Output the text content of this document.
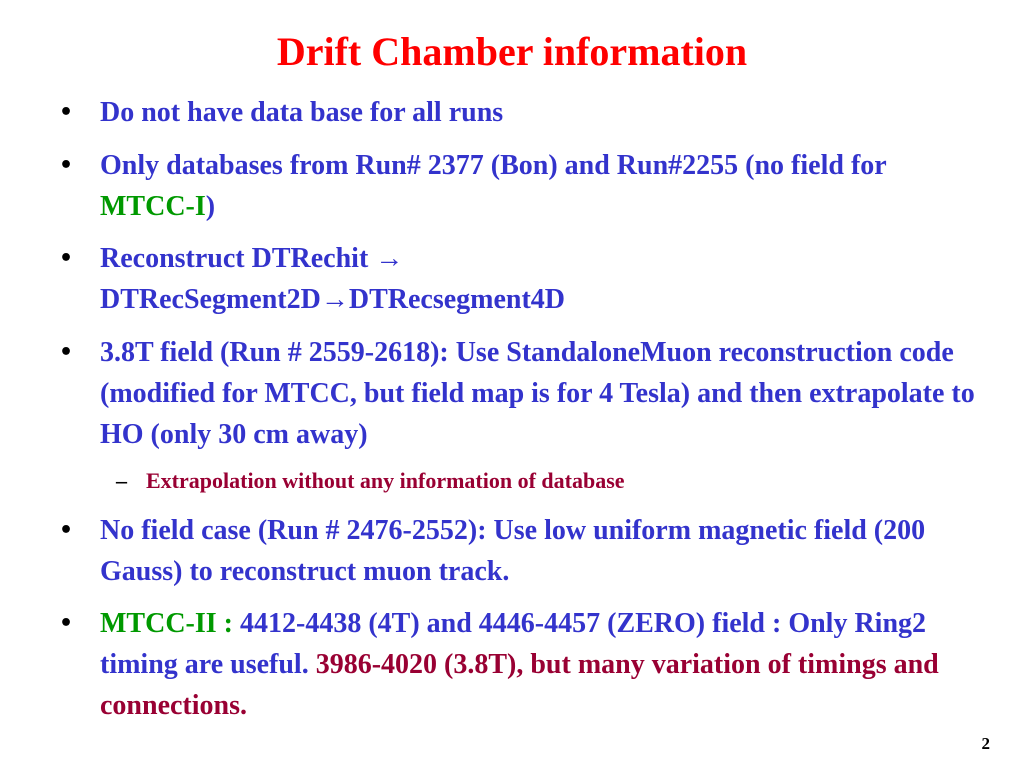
Drift Chamber information
• Do not have data base for all runs
• Only databases from Run# 2377 (Bon) and Run#2255 (no field for MTCC-I)
• Reconstruct DTRechit →
DTRecSegment2D→DTRecsegment4D
• 3.8T field (Run # 2559-2618): Use StandaloneMuon reconstruction code (modified for MTCC, but field map is for 4 Tesla) and then extrapolate to HO (only 30 cm away)
– Extrapolation without any information of database
• No field case (Run # 2476-2552): Use low uniform magnetic field (200 Gauss) to reconstruct muon track.
• MTCC-II : 4412-4438 (4T) and 4446-4457 (ZERO) field : Only Ring2 timing are useful. 3986-4020 (3.8T), but many variation of timings and connections.
2
